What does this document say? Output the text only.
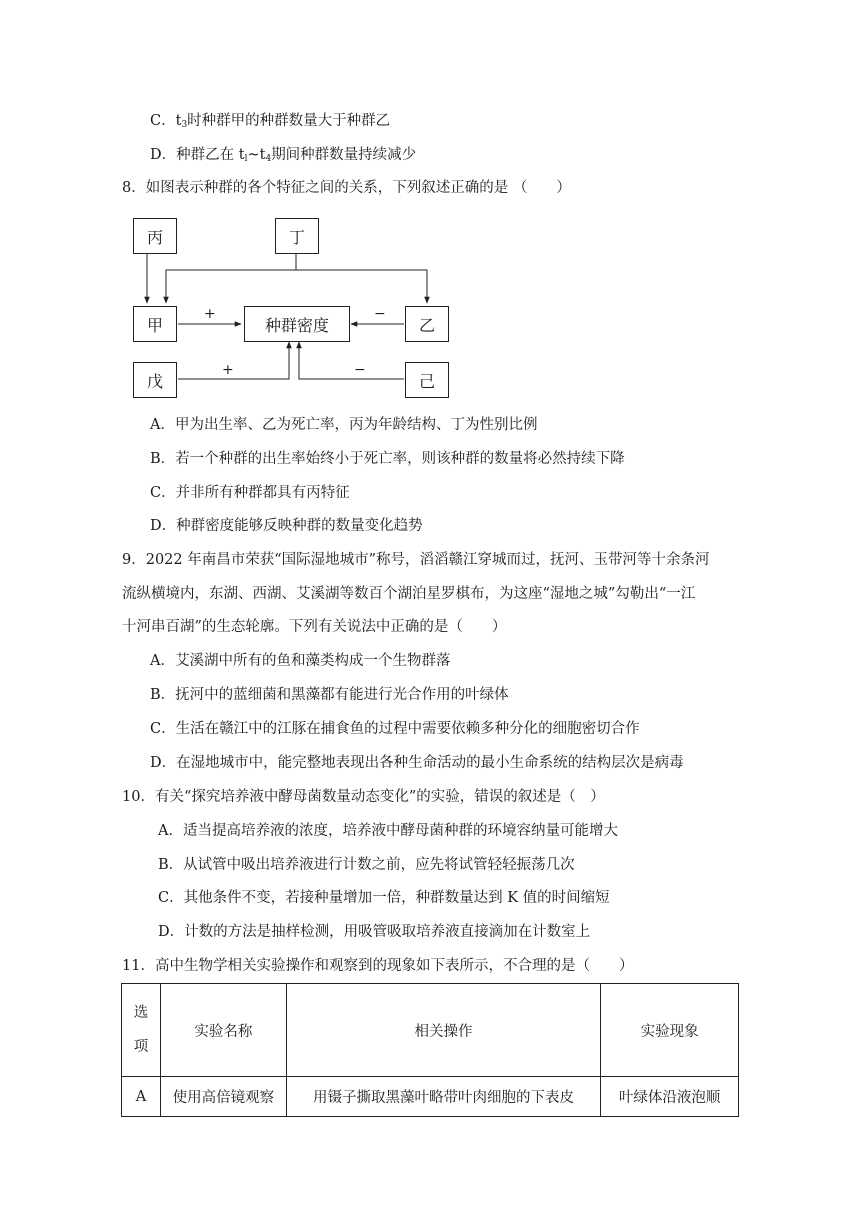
C．$t_3$时种群甲的种群数量大于种群乙
D．种群乙在 $t_l\sim t_4$期间种群数量持续减少
8．如图表示种群的各个特征之间的关系，下列叙述正确的是 （　　）
丙	丁
甲	种群密度	乙
戊	己
+	−
+	−
A．甲为出生率、乙为死亡率，丙为年龄结构、丁为性别比例
B．若一个种群的出生率始终小于死亡率，则该种群的数量将必然持续下降
C．并非所有种群都具有丙特征
D．种群密度能够反映种群的数量变化趋势
9．2022 年南昌市荣获“国际湿地城市”称号，滔滔赣江穿城而过，抚河、玉带河等十余条河
流纵横境内，东湖、西湖、艾溪湖等数百个湖泊星罗棋布，为这座“湿地之城”勾勒出“一江
十河串百湖”的生态轮廓。下列有关说法中正确的是（　　）
A．艾溪湖中所有的鱼和藻类构成一个生物群落
B．抚河中的蓝细菌和黑藻都有能进行光合作用的叶绿体
C．生活在赣江中的江豚在捕食鱼的过程中需要依赖多种分化的细胞密切合作
D．在湿地城市中，能完整地表现出各种生命活动的最小生命系统的结构层次是病毒
10．有关“探究培养液中酵母菌数量动态变化”的实验，错误的叙述是（　）
A．适当提高培养液的浓度，培养液中酵母菌种群的环境容纳量可能增大
B．从试管中吸出培养液进行计数之前，应先将试管轻轻振荡几次
C．其他条件不变，若接种量增加一倍，种群数量达到 K 值的时间缩短
D．计数的方法是抽样检测，用吸管吸取培养液直接滴加在计数室上
11．高中生物学相关实验操作和观察到的现象如下表所示，不合理的是（　　）
选
项	实验名称	相关操作	实验现象
A	使用高倍镜观察	用镊子撕取黑藻叶略带叶肉细胞的下表皮	叶绿体沿液泡顺
